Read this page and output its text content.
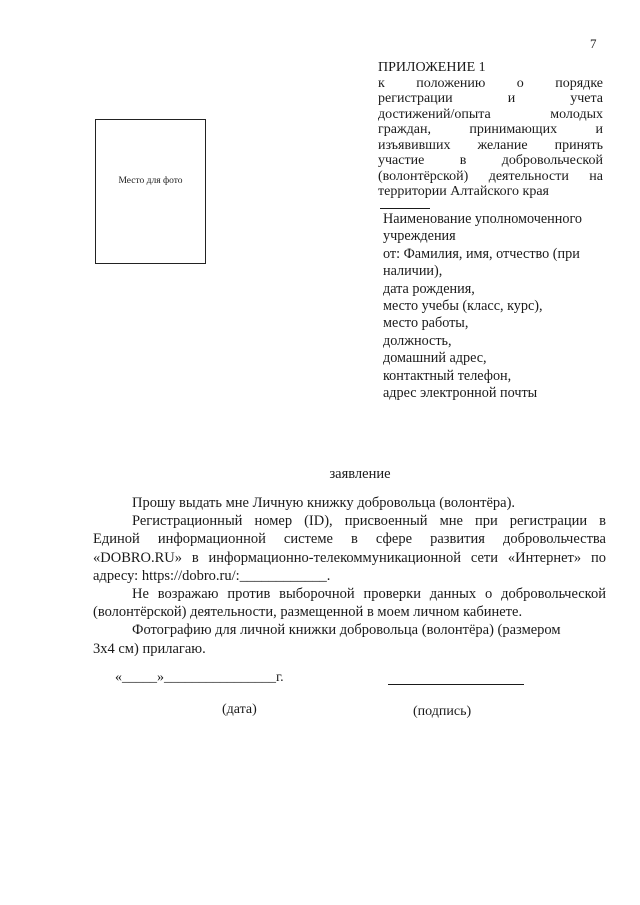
7
ПРИЛОЖЕНИЕ 1
к положению о порядке
регистрации и учета
достижений/опыта молодых
граждан, принимающих и
изъявивших желание принять
участие в добровольческой
(волонтёрской) деятельности на
территории Алтайского края
Место для фото
Наименование уполномоченного
учреждения
от: Фамилия, имя, отчество (при
наличии),
дата рождения,
место учебы (класс, курс),
место работы,
должность,
домашний адрес,
контактный телефон,
адрес электронной почты
заявление
Прошу выдать мне Личную книжку добровольца (волонтёра).
Регистрационный номер (ID), присвоенный мне при регистрации в
Единой информационной системе в сфере развития добровольчества
«DOBRO.RU» в информационно-телекоммуникационной сети «Интернет» по
адресу: https://dobro.ru/:____________.
Не возражаю против выборочной проверки данных о добровольческой
(волонтёрской) деятельности, размещенной в моем личном кабинете.
Фотографию для личной книжки добровольца (волонтёра) (размером
3х4 см) прилагаю.
«_____»________________г.
(дата)	(подпись)
